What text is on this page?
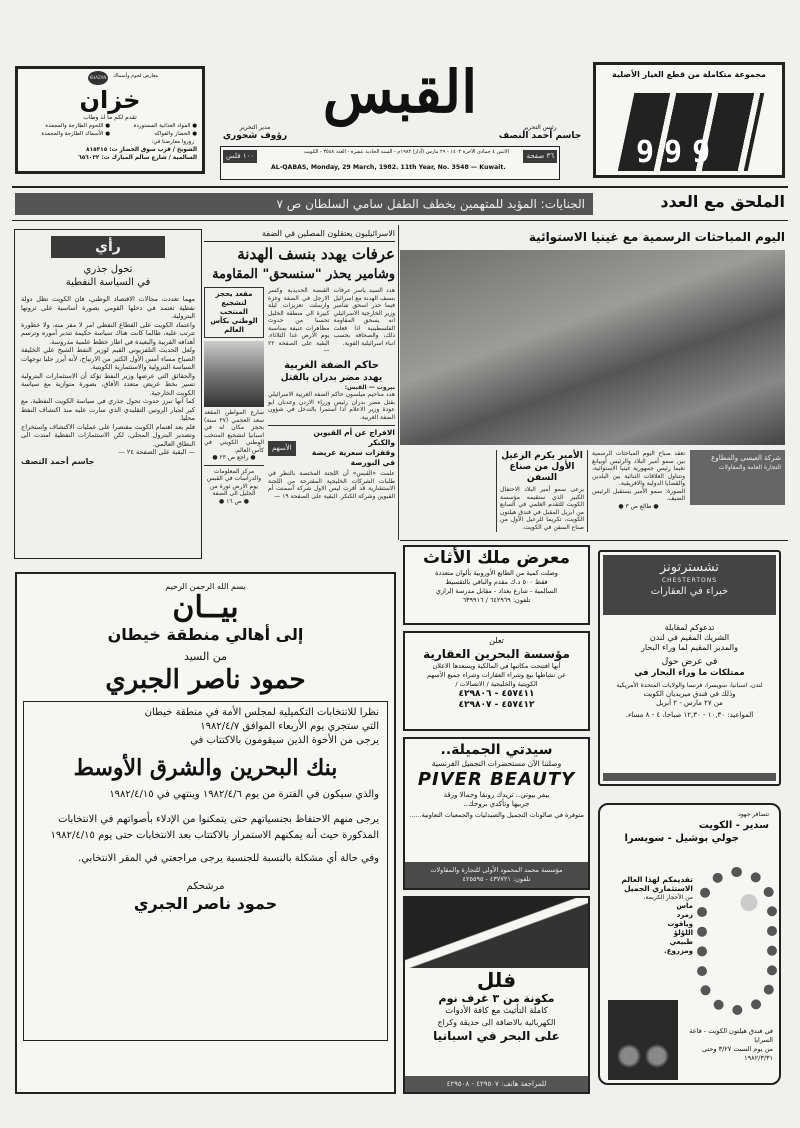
مجموعة متكاملة من قطع الغيار الأصلية
999
القبس
رئيس التحرير
جاسم أحمد النصف
مدير التحرير
رؤوف شحوري
٣٦ صفحة
١٠٠ فلس	الاثنين ٤ جمادى الآخرة ١٤٠٢ - ٢٩ مارس (آذار) ١٩٨٢م - السنة الحادية عشرة - العدد ٣٥٤٨ - الكويت
AL-QABAS, Monday, 29 March, 1982. 11th Year, No. 3548 — Kuwait.
KHAZAN	معارض لحوم وأسماك
خزان
تقدم لكم ما لذ وطاب
● المواد الغذائية المستوردة
● اللحوم الطازجة والمجمدة
● الخضار والفواكه
● الأسماك الطازجة والمجمدة
زوروا معارضنا في:
الشويخ / قرب سوق الخضار ت: ٨١٥٣١٥
السالمية / شارع سالم المبارك ت: ٦٥٦٠٣٢
الملحق مع العدد
الجنايات: المؤبد للمتهمين بخطف الطفل سامي السلطان ص ٧
اليوم المباحثات الرسمية مع غينيا الاستوائية
شركة العيسى والمطاوع
التجارة العامة والمقاولات
تعقد صباح اليوم المباحثات الرسمية بين سمو أمير البلاد والرئيس أوبيانغ نغيما رئيس جمهورية غينيا الاستوائية، وتتناول العلاقات الثنائية بين البلدين والقضايا الدولية والافريقية.
الصورة: سمو الأمير يستقبل الرئيس الضيف.
● طالع ص ٣ ●
الأمير يكرم الرعيل الأول من صناع السفن
يرعى سمو أمير البلاد الاحتفال الكبير الذي ستقيمه مؤسسة الكويت للتقدم العلمي في السابع من ابريل المقبل في فندق هيلتون الكويت، تكريما للرعيل الأول من صناع السفن في الكويت.
الاسرائيليون يعتقلون المصلين في الضفة
عرفات يهدد بنسف الهدنة
وشامير يحذر "سنسحق" المقاومة
مقعد يحجز لتشجيع المنتخب الوطني بكأس العالم
سارع المواطن المقعد سعد العجمي (٣٧ سنة) بحجز مكان له في اسبانيا لتشجيع المنتخب الوطني الكويتي في كأس العالم.
● راجع ص ٢٣ ●
مركز المعلومات والدراسات في القبس يوم الارض ثورة من الجليل الى الضفة
● ص ١٦ ●
هدد السيد ياسر عرفات بنسف الهدنة مع اسرائيل فيما حذر اسحق شامير وزير الخارجية الاسرائيلي انه يسحق المقاومة الفلسطينية اذا فعلت ذلك، والصحافة بحسب انباء اسرائيلية القوية.
القبضة الحديدية وكسر الارجل في الضفة وغزة وارسلت تعزيزات ليلة كبيرة الى منطقة الخليل تحسبا من حدوث مظاهرات عنيفة بمناسبة يوم الارض غدا الثلاثاء. البقية على الصفحة ٢٢ —
حاكم الضفة الغربية
يهدد مضر بدران بالقتل
بيروت — القبس:
هدد مناحيم ميلسون حاكم الضفة الغربية الاسرائيلي بقتل مضر بدران رئيس وزراء الاردن وعدنان ابو عودة وزير الاعلام اذا استمرا بالتدخل في شؤون الضفة الغربية.
الافراج عن أم القيوين والكنكر
وقفزات سعرية عريضة في البورصة
الأسهم
علمت «القبس» أن اللجنة المختصة بالنظر في طلبات الشركات الخليجية المقترحة من اللجنة الاستشارية قد أقرت ليس الاول شركة أسمنت أم القيوين وشركة الكنكر. البقية على الصفحة ١٩ —
رأي
تحول جذري
في السياسة النفطية

مهما تعددت مجالات الاقتصاد الوطني، فان الكويت تظل دولة نفطية تعتمد في دخلها القومي بصورة أساسية على ثروتها البترولية.

واعتماد الكويت على القطاع النفطي امر لا مفر منه، ولا خطورة تترتب عليه، طالما كانت هناك سياسة حكيمة تتدبر أموره وترسم أهدافه القريبة والبعيدة في اطار خطط علمية مدروسة.

ولعل الحديث التلفزيوني القيم لوزير النفط الشيخ علي الخليفة الصباح مساء أمس الأول الكثير من الارتياح، لأنه أبرز جليا توجهات السياسة البترولية والاستثمارية الكويتية.

والحقائق التي عرضها وزير النفط تؤكد أن الاستثمارات البترولية تسير بخط عريض متعدد الآفاق، بصورة متوازية مع سياسة الكويت الخارجية.

كما أنها تبرز حدوث تحول جذري في سياسة الكويت النفطية، مع كبر لجبار الروتين التقليدي الذي سارت عليه منذ اكتشاف النفط محليا.

فلم يعد اهتمام الكويت مقتصرا على عمليات الاكتشاف واستخراج وتصدير البترول المحلي، لكن الاستثمارات النفطية امتدت الى النطاق العالمي.

— البقية على الصفحة ٢٤ —

جاسم أحمد النصف

بسم الله الرحمن الرحيم
بيــان
إلى أهالي منطقة خيطان
من السيد
حمود ناصر الجبري
نظرا للانتخابات التكميلية لمجلس الأمة في منطقة خيطان
التي ستجري يوم الأربعاء الموافق ١٩٨٢/٤/٧
يرجى من الأخوة الذين سيقومون بالاكتتاب في
بنك البحرين والشرق الأوسط
والذي سيكون في الفترة من يوم ١٩٨٢/٤/٦ وينتهي في ١٩٨٢/٤/١٥
يرجى منهم الاحتفاظ بجنسياتهم حتى يتمكنوا من الإدلاء بأصواتهم في الانتخابات المذكورة حيث أنه يمكنهم الاستمرار بالاكتتاب بعد الانتخابات حتى يوم ١٩٨٢/٤/١٥
وفي حالة أي مشكلة بالنسبة للجنسية يرجى مراجعتي في المقر الانتخابي.
مرشحكم
حمود ناصر الجبري
معرض ملك الأثاث
وصلت كمية من الطابع الأوروبية بألوان متعددة
فقط ٥٠٠ د.ك مقدم والباقي بالتقسيط
السالمية - شارع بغداد - مقابل مدرسة الرازي
تلفون: ٦٤٢٩٦٩ / ٦٣٩٩١٦
تعلن
مؤسسة البحرين العقارية
أنها افتتحت مكاتبها في المالكية ويسعدها الاعلان
عن نشاطها بيع وشراء العقارات وشراء جميع الأسهم
الكويتية والخليجية / الاتصالات /
٤٥٧٤١١ - ٤٢٩٨٠٦
٤٥٧٤١٢ - ٤٢٩٨٠٧
سيدتي الجميلة..
وصلتنا الآن مستحضرات التجميل الفرنسية
PIVER BEAUTY
بيفر بيوتي.. تزيدك رونقا وجمالا ورقة
جربيها وتأكدي بروحك..
متوفرة في صالونات التجميل والصيدليات والجمعيات التعاونية......
مؤسسة محمد المحمود الأولى للتجارة والمقاولات
تلفون: ٤٣٧٧٢١ - ٤٢٥٥٩٥
فلل
مكونة من ٣ غرف نوم
كاملة التأثيث مع كافة الأدوات
الكهربائية بالاضافة الى حديقة وكراج
على البحر في اسبانيا
للمراجعة هاتف: ٤٢٩٥٠٧ - ٤٢٩٥٠٨
تشسترتونز
CHESTERTONS
خبراء في العقارات
تدعوكم لمقابلة
الشريك المقيم في لندن
والمدير المقيم لما وراء البحار
في عرض حول
ممتلكات ما وراء البحار في
لندن، اسبانيا، سويسرا، فرنسا والولايات المتحدة الأمريكية
وذلك في فندق ميريديان الكويت
من ٢٧ مارس - ٢ أبريل
المواعيد: ١٠,٣٠ - ١٢,٣٠ صباحا، ٤ - ٨ مساء.
تتضافر جهود
سدير - الكويت
جولي بوشيل - سويسرا
تقديمكم لهذا العالم الاستثماري الجميل
من الأحجار الكريمة،
ماس
زمرد
وياقوت
اللؤلؤ
طبيعي
ومزروع.
في فندق هيلتون الكويت - قاعة السرايا
من يوم السبت ٣/٢٧ وحتى ١٩٨٢/٣/٣١
